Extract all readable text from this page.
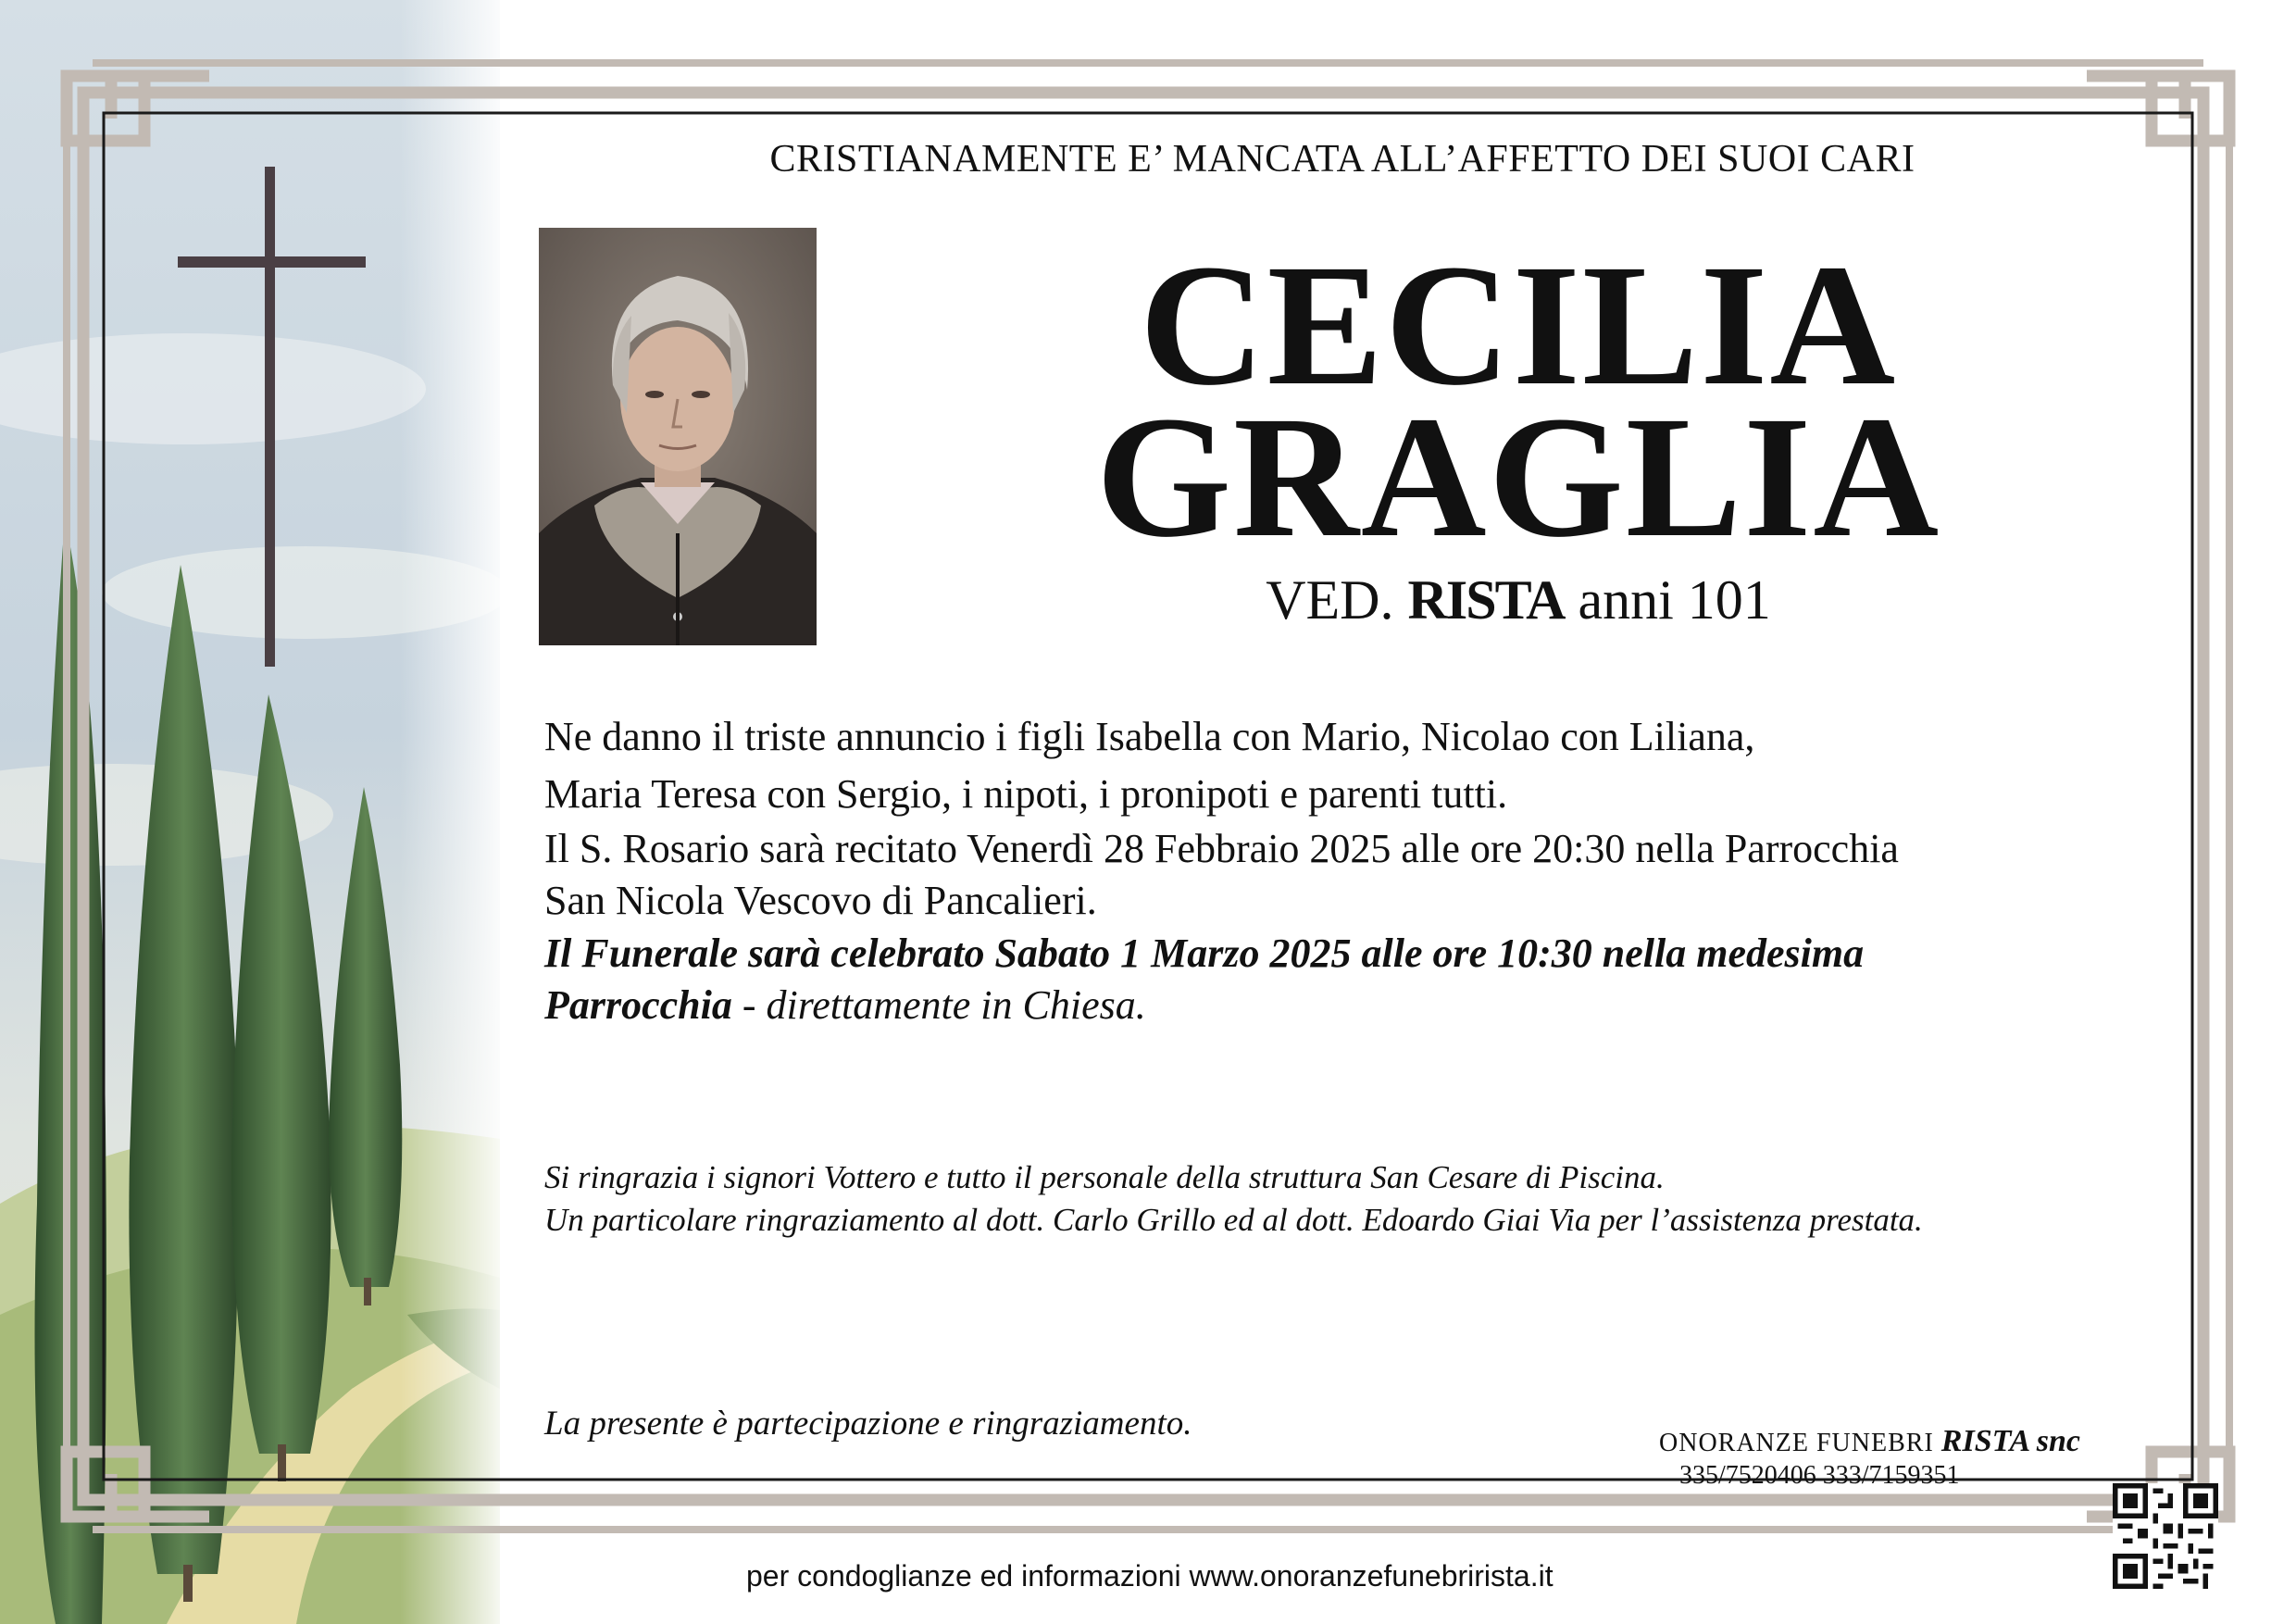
CRISTIANAMENTE E’ MANCATA ALL’AFFETTO DEI SUOI CARI
CECILIA
GRAGLIA
VED. RISTA anni 101
Ne danno il triste annuncio i figli Isabella con Mario, Nicolao con Liliana,
Maria Teresa con Sergio, i nipoti, i pronipoti e parenti tutti.
Il S. Rosario sarà recitato Venerdì 28 Febbraio 2025 alle ore 20:30 nella Parrocchia
San Nicola Vescovo di Pancalieri.
Il Funerale sarà celebrato Sabato 1 Marzo 2025 alle ore 10:30 nella medesima
Parrocchia - direttamente in Chiesa.
Si ringrazia i signori Vottero e tutto il personale della struttura San Cesare di Piscina.
Un particolare ringraziamento al dott. Carlo Grillo ed al dott. Edoardo Giai Via per l’assistenza prestata.
La presente è partecipazione e ringraziamento.
ONORANZE FUNEBRI RISTA snc
335/7520406 333/7159351
per condoglianze ed informazioni www.onoranzefunebrirista.it
